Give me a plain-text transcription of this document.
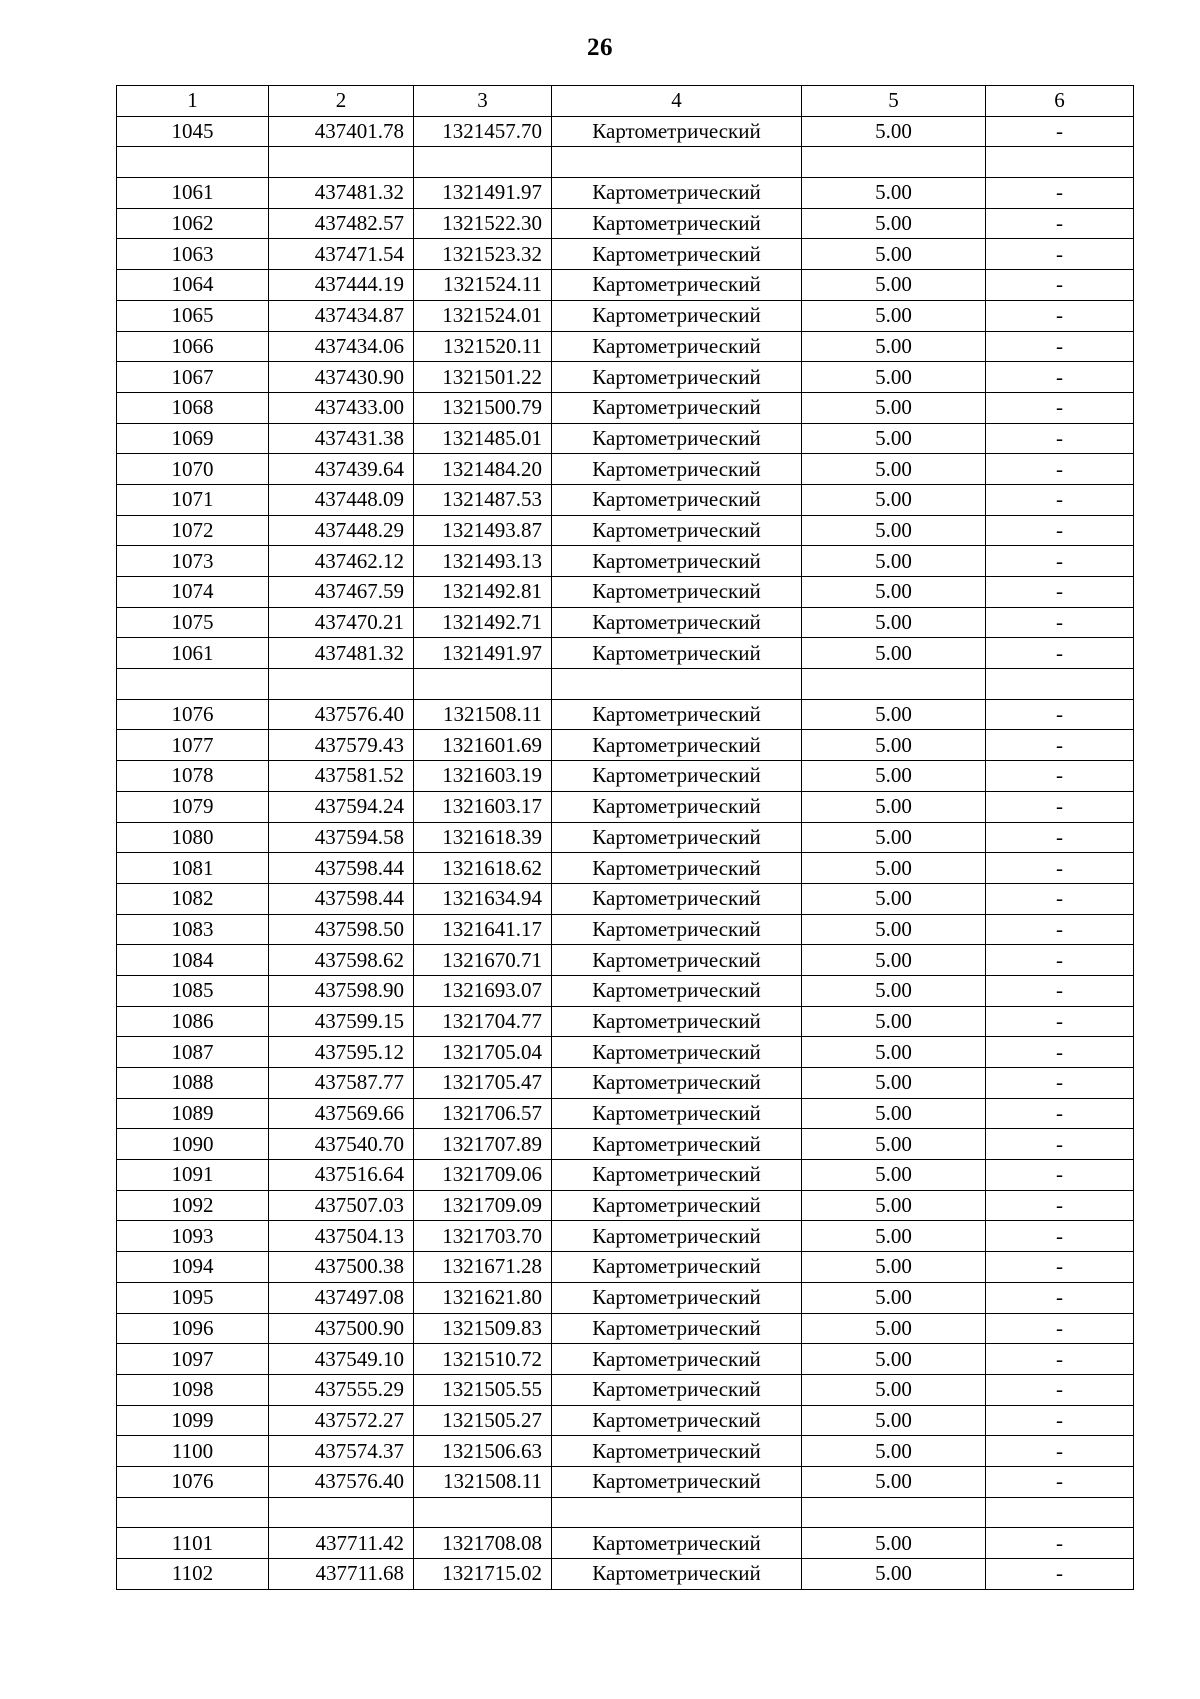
26
1	2	3	4	5	6
1045	437401.78	1321457.70	Картометрический	5.00	-

1061	437481.32	1321491.97	Картометрический	5.00	-
1062	437482.57	1321522.30	Картометрический	5.00	-
1063	437471.54	1321523.32	Картометрический	5.00	-
1064	437444.19	1321524.11	Картометрический	5.00	-
1065	437434.87	1321524.01	Картометрический	5.00	-
1066	437434.06	1321520.11	Картометрический	5.00	-
1067	437430.90	1321501.22	Картометрический	5.00	-
1068	437433.00	1321500.79	Картометрический	5.00	-
1069	437431.38	1321485.01	Картометрический	5.00	-
1070	437439.64	1321484.20	Картометрический	5.00	-
1071	437448.09	1321487.53	Картометрический	5.00	-
1072	437448.29	1321493.87	Картометрический	5.00	-
1073	437462.12	1321493.13	Картометрический	5.00	-
1074	437467.59	1321492.81	Картометрический	5.00	-
1075	437470.21	1321492.71	Картометрический	5.00	-
1061	437481.32	1321491.97	Картометрический	5.00	-

1076	437576.40	1321508.11	Картометрический	5.00	-
1077	437579.43	1321601.69	Картометрический	5.00	-
1078	437581.52	1321603.19	Картометрический	5.00	-
1079	437594.24	1321603.17	Картометрический	5.00	-
1080	437594.58	1321618.39	Картометрический	5.00	-
1081	437598.44	1321618.62	Картометрический	5.00	-
1082	437598.44	1321634.94	Картометрический	5.00	-
1083	437598.50	1321641.17	Картометрический	5.00	-
1084	437598.62	1321670.71	Картометрический	5.00	-
1085	437598.90	1321693.07	Картометрический	5.00	-
1086	437599.15	1321704.77	Картометрический	5.00	-
1087	437595.12	1321705.04	Картометрический	5.00	-
1088	437587.77	1321705.47	Картометрический	5.00	-
1089	437569.66	1321706.57	Картометрический	5.00	-
1090	437540.70	1321707.89	Картометрический	5.00	-
1091	437516.64	1321709.06	Картометрический	5.00	-
1092	437507.03	1321709.09	Картометрический	5.00	-
1093	437504.13	1321703.70	Картометрический	5.00	-
1094	437500.38	1321671.28	Картометрический	5.00	-
1095	437497.08	1321621.80	Картометрический	5.00	-
1096	437500.90	1321509.83	Картометрический	5.00	-
1097	437549.10	1321510.72	Картометрический	5.00	-
1098	437555.29	1321505.55	Картометрический	5.00	-
1099	437572.27	1321505.27	Картометрический	5.00	-
1100	437574.37	1321506.63	Картометрический	5.00	-
1076	437576.40	1321508.11	Картометрический	5.00	-

1101	437711.42	1321708.08	Картометрический	5.00	-
1102	437711.68	1321715.02	Картометрический	5.00	-
